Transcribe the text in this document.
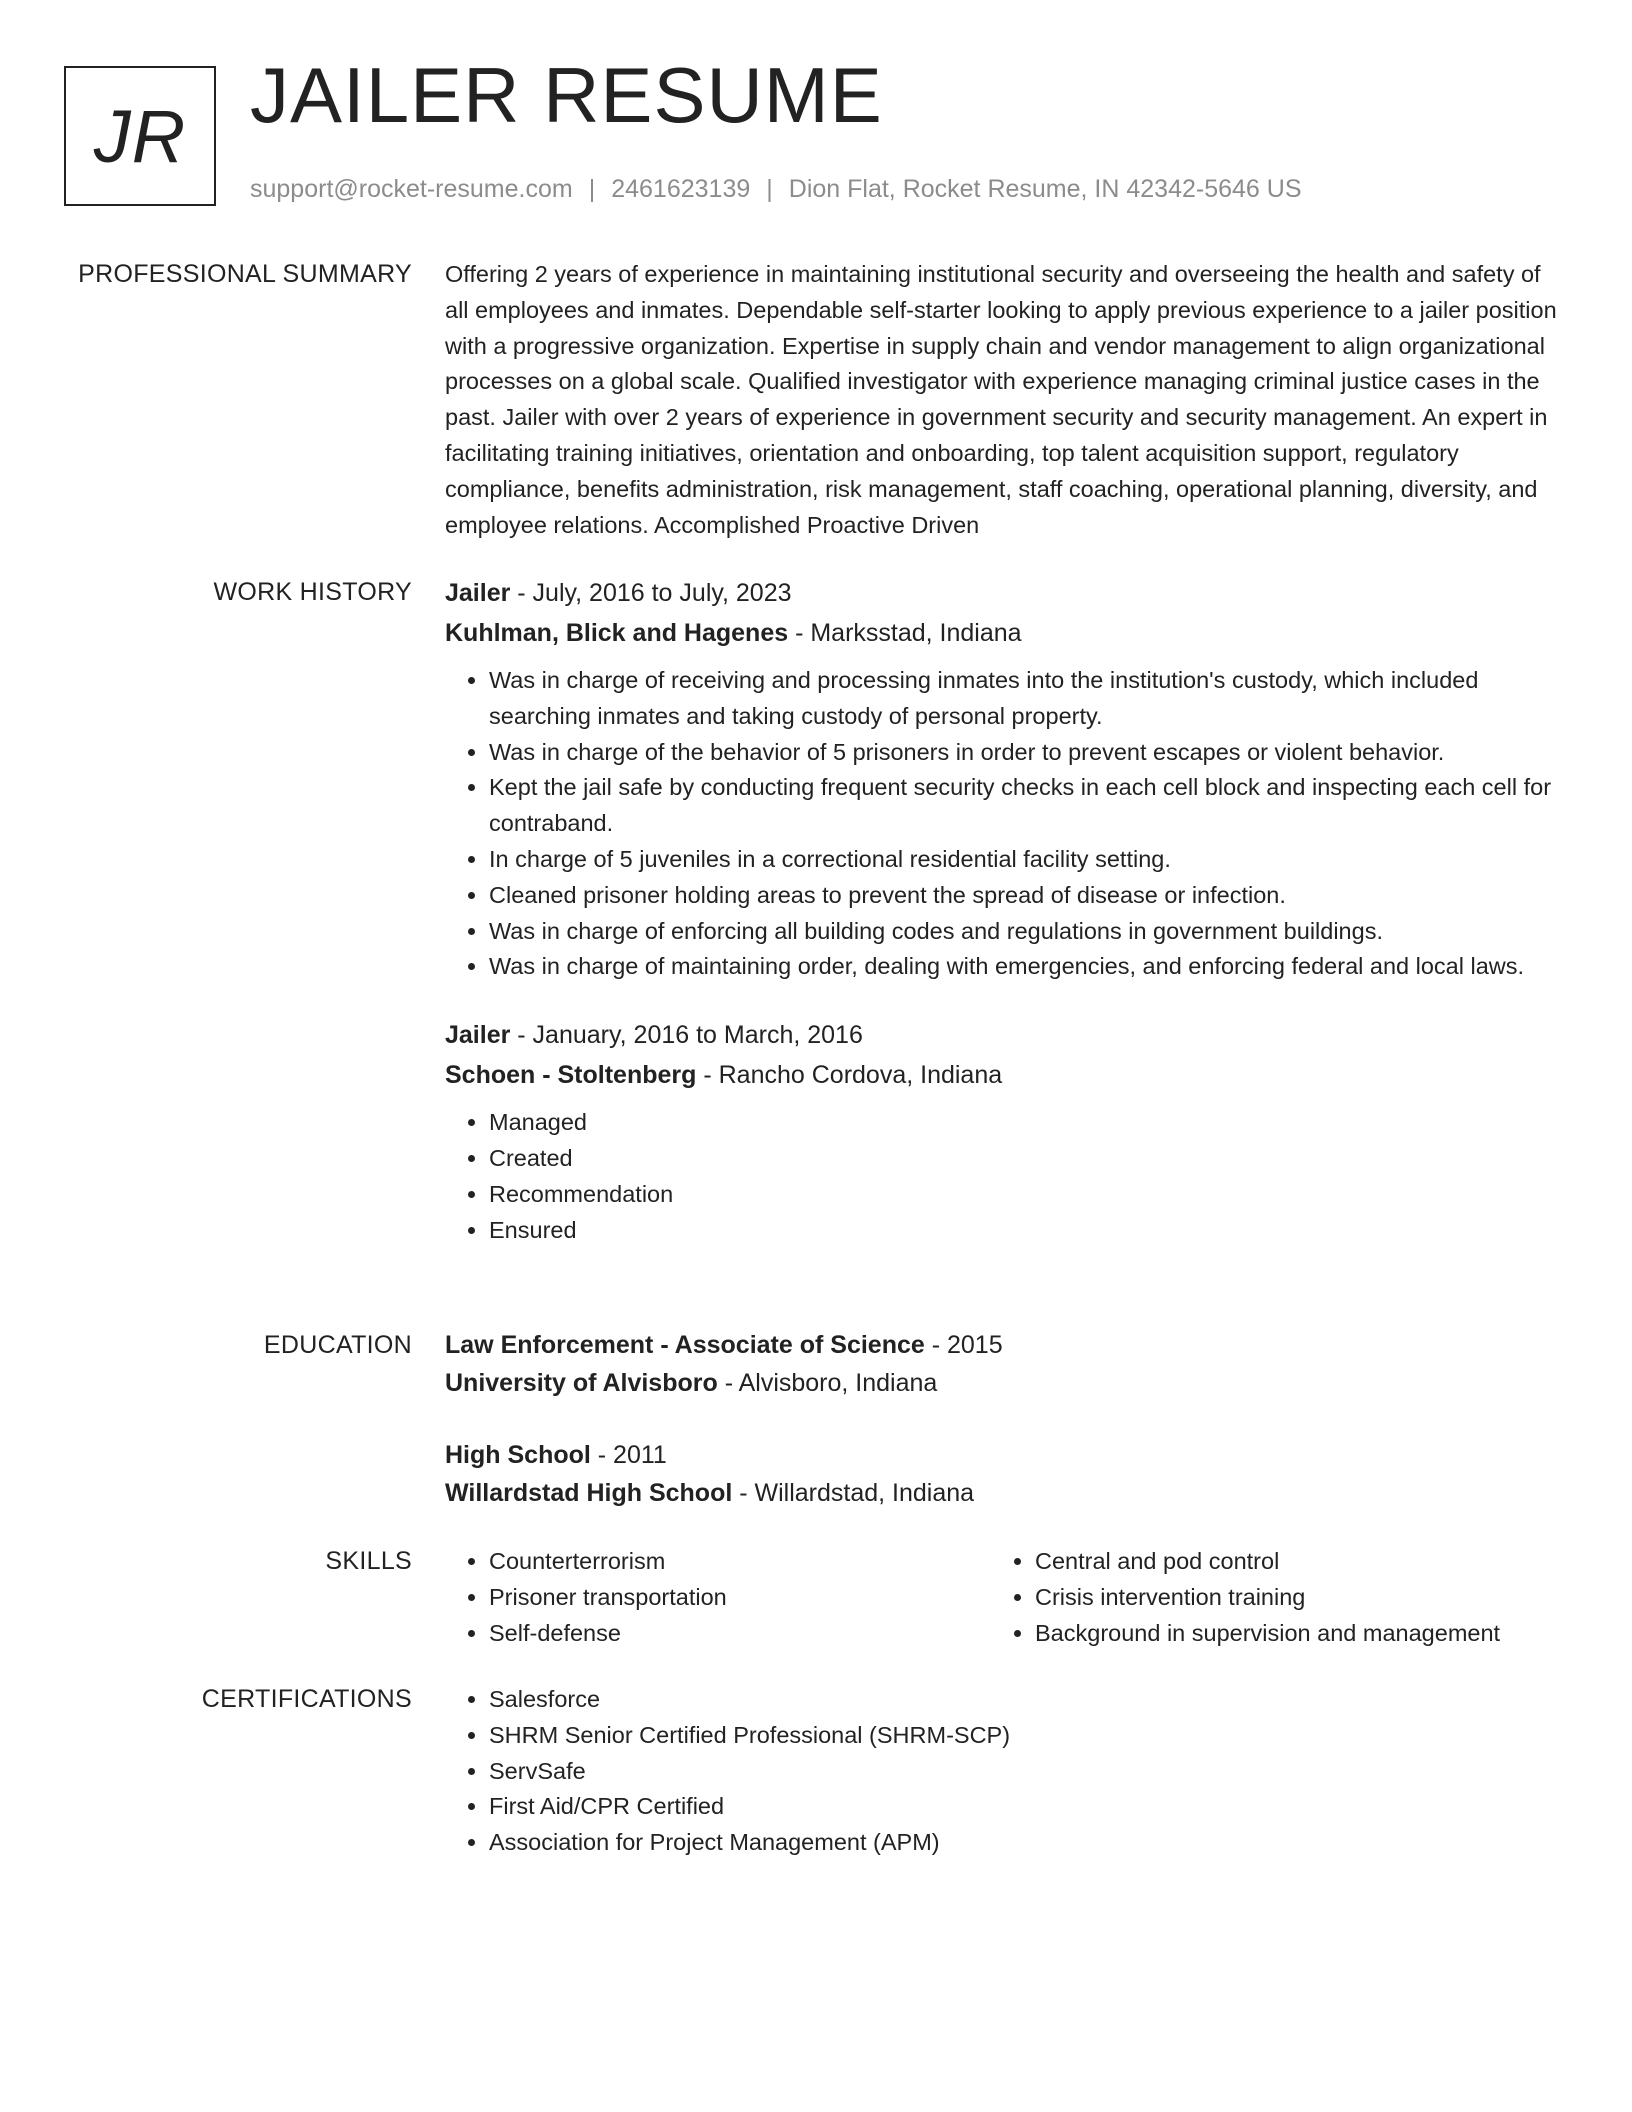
JR JAILER RESUME
support@rocket-resume.com | 2461623139 | Dion Flat, Rocket Resume, IN 42342-5646 US
PROFESSIONAL SUMMARY Offering 2 years of experience in maintaining institutional security and overseeing the health and safety of all employees and inmates. Dependable self-starter looking to apply previous experience to a jailer position with a progressive organization. Expertise in supply chain and vendor management to align organizational processes on a global scale. Qualified investigator with experience managing criminal justice cases in the past. Jailer with over 2 years of experience in government security and security management. An expert in facilitating training initiatives, orientation and onboarding, top talent acquisition support, regulatory compliance, benefits administration, risk management, staff coaching, operational planning, diversity, and employee relations. Accomplished Proactive Driven

WORK HISTORY Jailer - July, 2016 to July, 2023
Kuhlman, Blick and Hagenes - Marksstad, Indiana
• Was in charge of receiving and processing inmates into the institution's custody, which included searching inmates and taking custody of personal property.
• Was in charge of the behavior of 5 prisoners in order to prevent escapes or violent behavior.
• Kept the jail safe by conducting frequent security checks in each cell block and inspecting each cell for contraband.
• In charge of 5 juveniles in a correctional residential facility setting.
• Cleaned prisoner holding areas to prevent the spread of disease or infection.
• Was in charge of enforcing all building codes and regulations in government buildings.
• Was in charge of maintaining order, dealing with emergencies, and enforcing federal and local laws.
Jailer - January, 2016 to March, 2016
Schoen - Stoltenberg - Rancho Cordova, Indiana
• Managed
• Created
• Recommendation
• Ensured
EDUCATION Law Enforcement - Associate of Science - 2015
University of Alvisboro - Alvisboro, Indiana
High School - 2011
Willardstad High School - Willardstad, Indiana
SKILLS	• Counterterrorism
• Prisoner transportation
• Self-defense
• Central and pod control
• Crisis intervention training
• Background in supervision and management
CERTIFICATIONS	• Salesforce
• SHRM Senior Certified Professional (SHRM-SCP)
• ServSafe
• First Aid/CPR Certified
• Association for Project Management (APM)
